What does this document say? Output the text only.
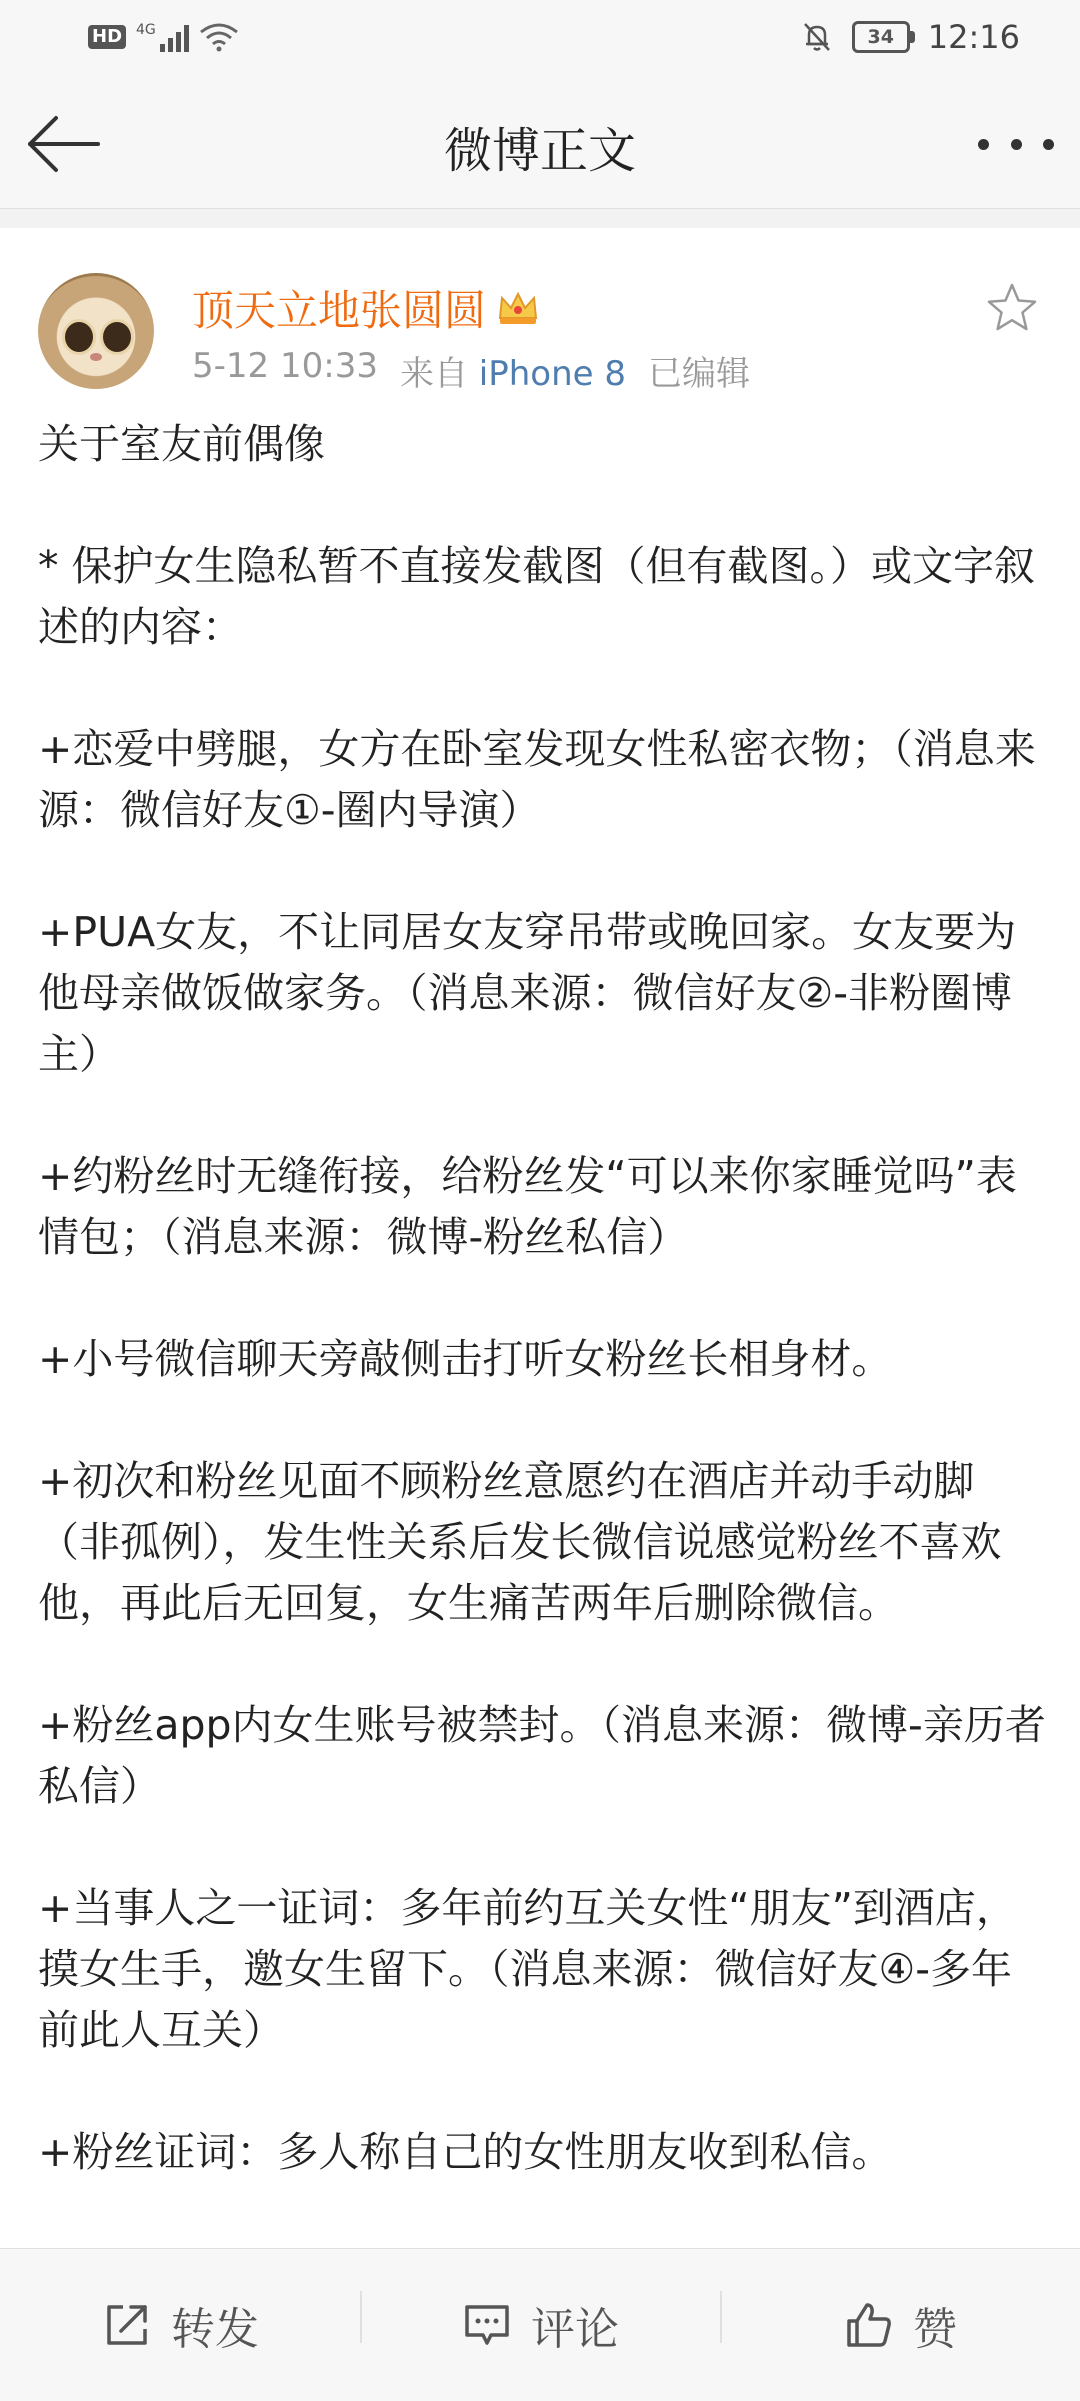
HD 4G	34	12:16
微博正文
顶天立地张圆圆
5-12 10:33 来自 iPhone 8 已编辑

关于室友前偶像

* 保护女生隐私暂不直接发截图（但有截图。）或文字叙述的内容：

+恋爱中劈腿，女方在卧室发现女性私密衣物；（消息来源：微信好友①-圈内导演）

+PUA女友，不让同居女友穿吊带或晚回家。女友要为他母亲做饭做家务。（消息来源：微信好友②-非粉圈博主）

+约粉丝时无缝衔接，给粉丝发“可以来你家睡觉吗”表情包；（消息来源：微博-粉丝私信）

+小号微信聊天旁敲侧击打听女粉丝长相身材。

+初次和粉丝见面不顾粉丝意愿约在酒店并动手动脚（非孤例），发生性关系后发长微信说感觉粉丝不喜欢他，再此后无回复，女生痛苦两年后删除微信。

+粉丝app内女生账号被禁封。（消息来源：微博-亲历者私信）

+当事人之一证词：多年前约互关女性“朋友”到酒店，摸女生手，邀女生留下。（消息来源：微信好友④-多年前此人互关）

+粉丝证词：多人称自己的女性朋友收到私信。

转发	评论	赞
